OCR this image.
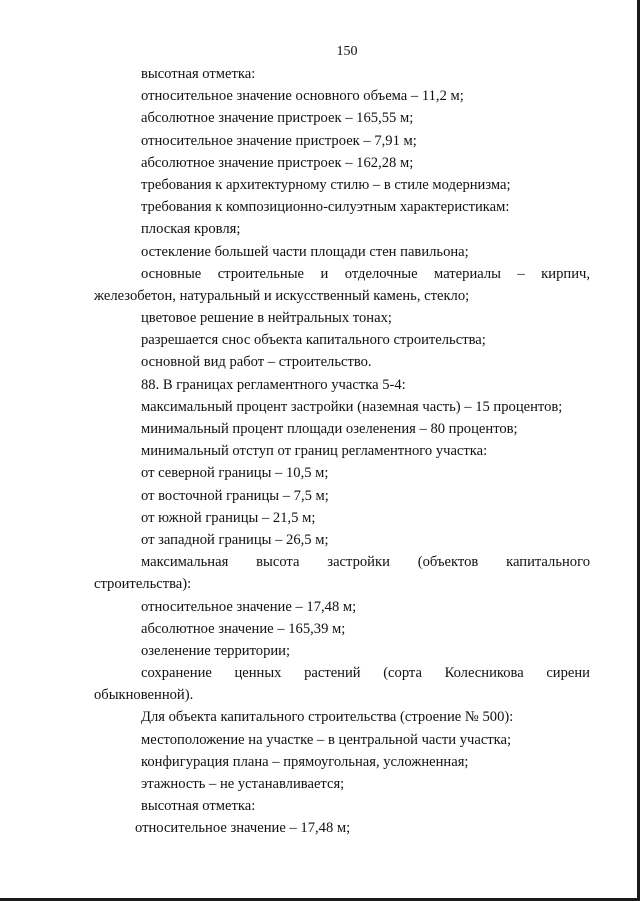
150
высотная отметка:
относительное значение основного объема – 11,2 м;
абсолютное значение пристроек – 165,55 м;
относительное значение пристроек – 7,91 м;
абсолютное значение пристроек – 162,28 м;
требования к архитектурному стилю – в стиле модернизма;
требования к композиционно-силуэтным характеристикам:
плоская кровля;
остекление большей части площади стен павильона;
основные строительные и отделочные материалы – кирпич,
железобетон, натуральный и искусственный камень, стекло;
цветовое решение в нейтральных тонах;
разрешается снос объекта капитального строительства;
основной вид работ – строительство.
88. В границах регламентного участка 5-4:
максимальный процент застройки (наземная часть) – 15 процентов;
минимальный процент площади озеленения – 80 процентов;
минимальный отступ от границ регламентного участка:
от северной границы – 10,5 м;
от восточной границы – 7,5 м;
от южной границы – 21,5 м;
от западной границы – 26,5 м;
максимальная высота застройки (объектов капитального
строительства):
относительное значение – 17,48 м;
абсолютное значение – 165,39 м;
озеленение территории;
сохранение ценных растений (сорта Колесникова сирени
обыкновенной).
Для объекта капитального строительства (строение № 500):
местоположение на участке – в центральной части участка;
конфигурация плана – прямоугольная, усложненная;
этажность – не устанавливается;
высотная отметка:
относительное значение – 17,48 м;
